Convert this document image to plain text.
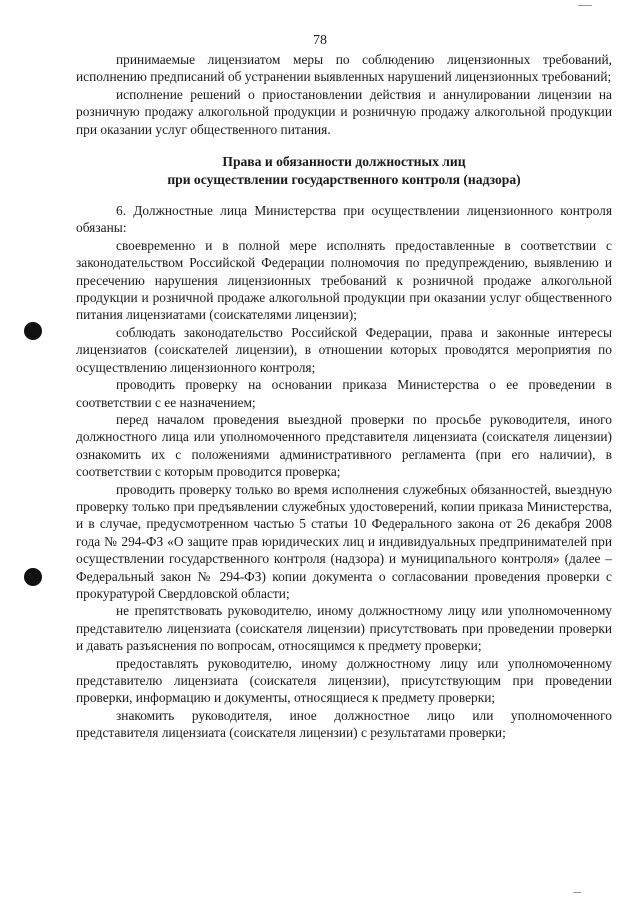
78

принимаемые лицензиатом меры по соблюдению лицензионных требований, исполнению предписаний об устранении выявленных нарушений лицензионных требований;

исполнение решений о приостановлении действия и аннулировании лицензии на розничную продажу алкогольной продукции и розничную продажу алкогольной продукции при оказании услуг общественного питания.

Права и обязанности должностных лиц

при осуществлении государственного контроля (надзора)

6. Должностные лица Министерства при осуществлении лицензионного контроля обязаны:

своевременно и в полной мере исполнять предоставленные в соответствии с законодательством Российской Федерации полномочия по предупреждению, выявлению и пресечению нарушения лицензионных требований к розничной продаже алкогольной продукции и розничной продаже алкогольной продукции при оказании услуг общественного питания лицензиатами (соискателями лицензии);

соблюдать законодательство Российской Федерации, права и законные интересы лицензиатов (соискателей лицензии), в отношении которых проводятся мероприятия по осуществлению лицензионного контроля;

проводить проверку на основании приказа Министерства о ее проведении в соответствии с ее назначением;

перед началом проведения выездной проверки по просьбе руководителя, иного должностного лица или уполномоченного представителя лицензиата (соискателя лицензии) ознакомить их с положениями административного регламента (при его наличии), в соответствии с которым проводится проверка;

проводить проверку только во время исполнения служебных обязанностей, выездную проверку только при предъявлении служебных удостоверений, копии приказа Министерства, и в случае, предусмотренном частью 5 статьи 10 Федерального закона от 26 декабря 2008 года № 294-ФЗ «О защите прав юридических лиц и индивидуальных предпринимателей при осуществлении государственного контроля (надзора) и муниципального контроля» (далее – Федеральный закон № 294-ФЗ) копии документа о согласовании проведения проверки с прокуратурой Свердловской области;

не препятствовать руководителю, иному должностному лицу или уполномоченному представителю лицензиата (соискателя лицензии) присутствовать при проведении проверки и давать разъяснения по вопросам, относящимся к предмету проверки;

предоставлять руководителю, иному должностному лицу или уполномоченному представителю лицензиата (соискателя лицензии), присутствующим при проведении проверки, информацию и документы, относящиеся к предмету проверки;

знакомить руководителя, иное должностное лицо или уполномоченного представителя лицензиата (соискателя лицензии) с результатами проверки;
